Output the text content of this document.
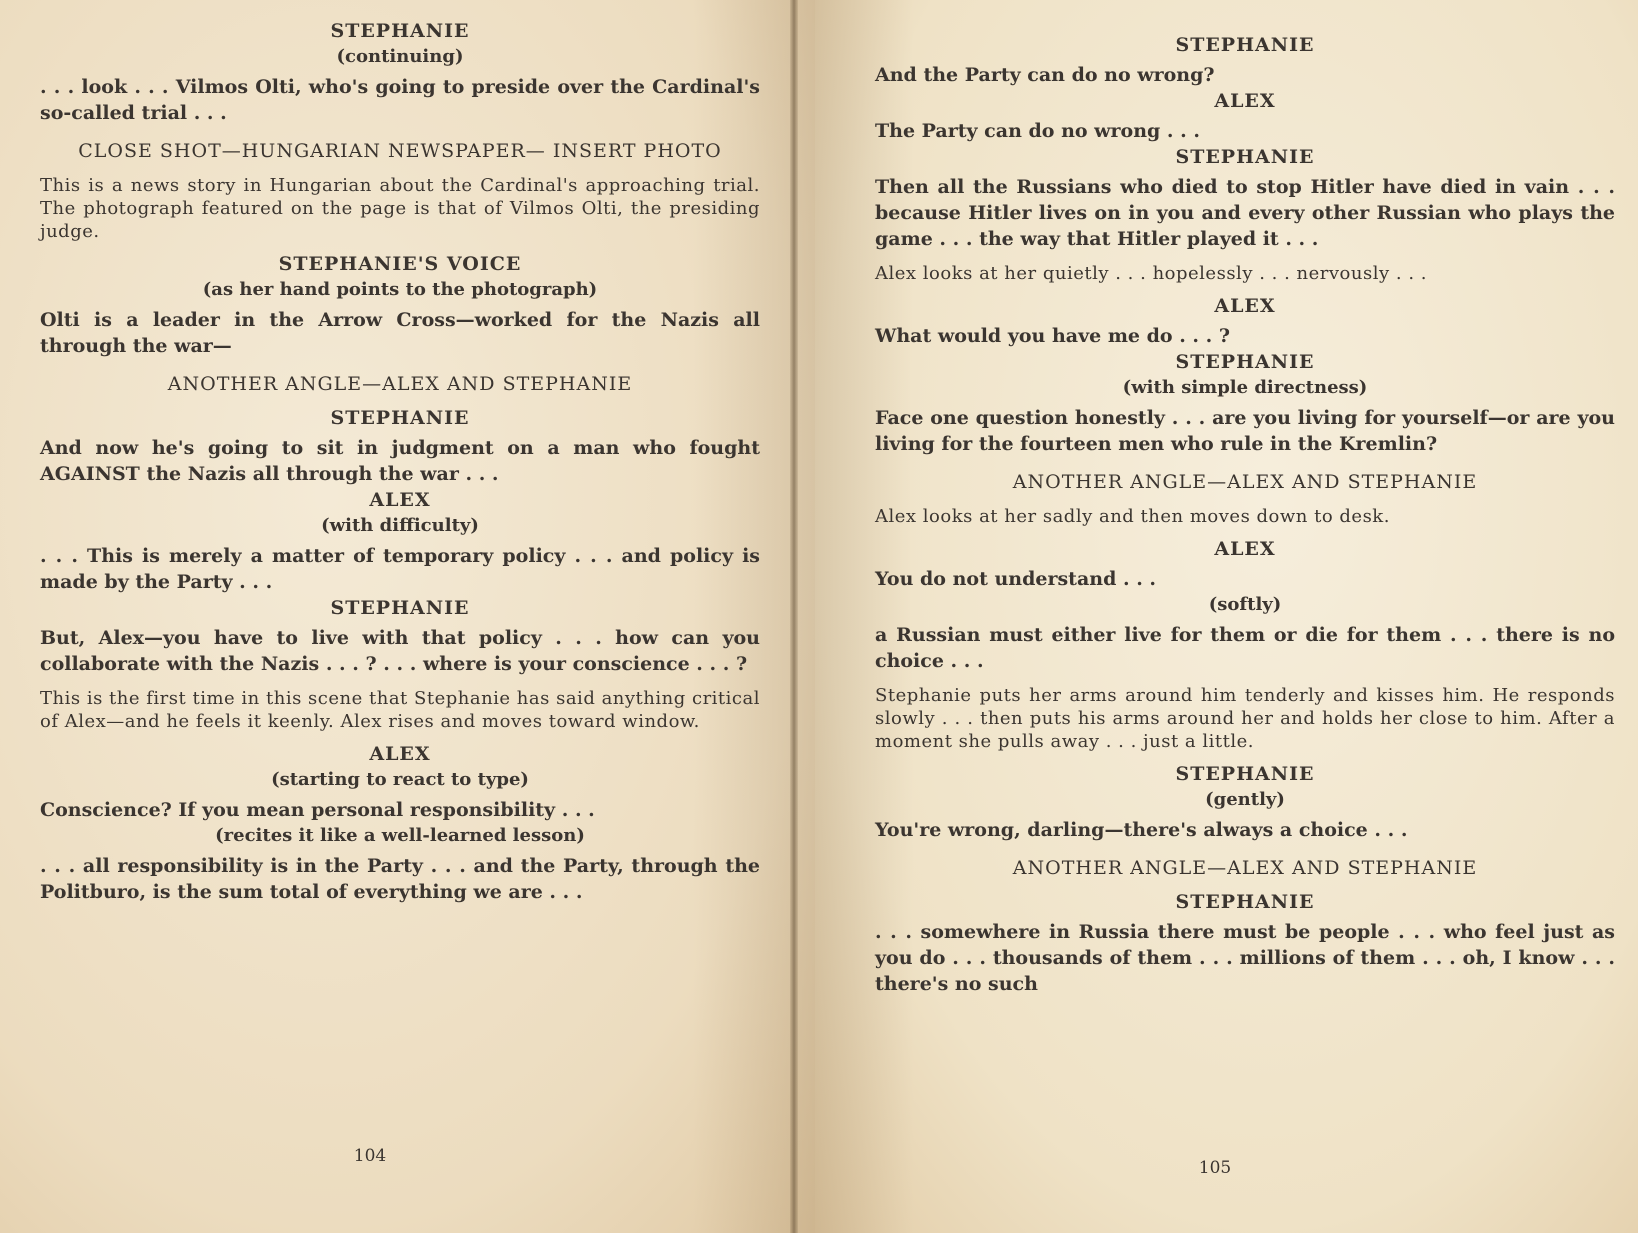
STEPHANIE

(continuing)

. . . look . . . Vilmos Olti, who's going to preside over the Cardinal's so-called trial . . .

CLOSE SHOT—HUNGARIAN NEWSPAPER— INSERT PHOTO

This is a news story in Hungarian about the Cardinal's approaching trial. The photograph featured on the page is that of Vilmos Olti, the presiding judge.

STEPHANIE'S VOICE

(as her hand points to the photograph)

Olti is a leader in the Arrow Cross—worked for the Nazis all through the war—

ANOTHER ANGLE—ALEX AND STEPHANIE

STEPHANIE

And now he's going to sit in judgment on a man who fought AGAINST the Nazis all through the war . . .

ALEX

(with difficulty)

. . . This is merely a matter of temporary policy . . . and policy is made by the Party . . .

STEPHANIE

But, Alex—you have to live with that policy . . . how can you collaborate with the Nazis . . . ? . . . where is your conscience . . . ?

This is the first time in this scene that Stephanie has said anything critical of Alex—and he feels it keenly. Alex rises and moves toward window.

ALEX

(starting to react to type)

Conscience? If you mean personal responsibility . . .

(recites it like a well-learned lesson)

. . . all responsibility is in the Party . . . and the Party, through the Politburo, is the sum total of everything we are . . .

104

STEPHANIE

And the Party can do no wrong?

ALEX

The Party can do no wrong . . .

STEPHANIE

Then all the Russians who died to stop Hitler have died in vain . . . because Hitler lives on in you and every other Russian who plays the game . . . the way that Hitler played it . . .

Alex looks at her quietly . . . hopelessly . . . nervously . . .

ALEX

What would you have me do . . . ?

STEPHANIE

(with simple directness)

Face one question honestly . . . are you living for yourself—or are you living for the fourteen men who rule in the Kremlin?

ANOTHER ANGLE—ALEX AND STEPHANIE

Alex looks at her sadly and then moves down to desk.

ALEX

You do not understand . . .

(softly)

a Russian must either live for them or die for them . . . there is no choice . . .

Stephanie puts her arms around him tenderly and kisses him. He responds slowly . . . then puts his arms around her and holds her close to him. After a moment she pulls away . . . just a little.

STEPHANIE

(gently)

You're wrong, darling—there's always a choice . . .

ANOTHER ANGLE—ALEX AND STEPHANIE

STEPHANIE

. . . somewhere in Russia there must be people . . . who feel just as you do . . . thousands of them . . . millions of them . . . oh, I know . . . there's no such

105
